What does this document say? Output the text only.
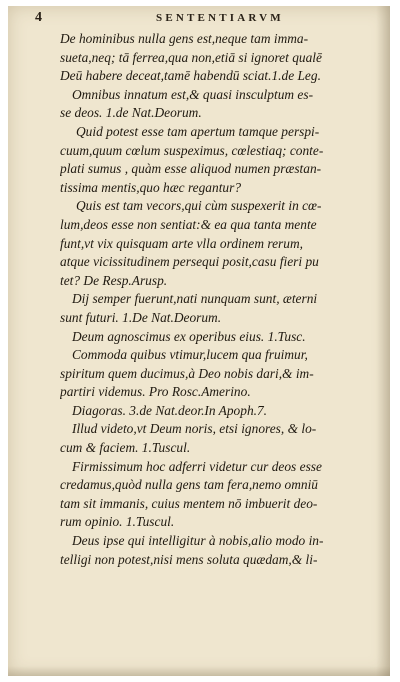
4	SENTENTIARVM
De hominibus nulla gens est,neque tam imma-
sueta,neq; tā ferrea,qua non,etiā si ignoret qualē
Deū habere deceat,tamē habendū sciat.1.de Leg.
Omnibus innatum est,& quasi insculptum es-
se deos. 1.de Nat.Deorum.
Quid potest esse tam apertum tamque perspi-
cuum,quum cœlum suspeximus, cœlestiaq; conte-
plati sumus , quàm esse aliquod numen præstan-
tissima mentis,quo hæc regantur?
Quis est tam vecors,qui cùm suspexerit in cœ-
lum,deos esse non sentiat:& ea qua tanta mente
funt,vt vix quisquam arte vlla ordinem rerum,
atque vicissitudinem persequi posit,casu fieri pu
tet? De Resp.Arusp.
Dij semper fuerunt,nati nunquam sunt, æterni
sunt futuri. 1.De Nat.Deorum.
Deum agnoscimus ex operibus eius. 1.Tusc.
Commoda quibus vtimur,lucem qua fruimur,
spiritum quem ducimus,à Deo nobis dari,& im-
partiri videmus. Pro Rosc.Amerino.
Diagoras. 3.de Nat.deor.In Apoph.7.
Illud videto,vt Deum noris, etsi ignores, & lo-
cum & faciem. 1.Tuscul.
Firmissimum hoc adferri videtur cur deos esse
credamus,quòd nulla gens tam fera,nemo omniū
tam sit immanis, cuius mentem nō imbuerit deo-
rum opinio. 1.Tuscul.
Deus ipse qui intelligitur à nobis,alio modo in-
telligi non potest,nisi mens soluta quædam,& li-
